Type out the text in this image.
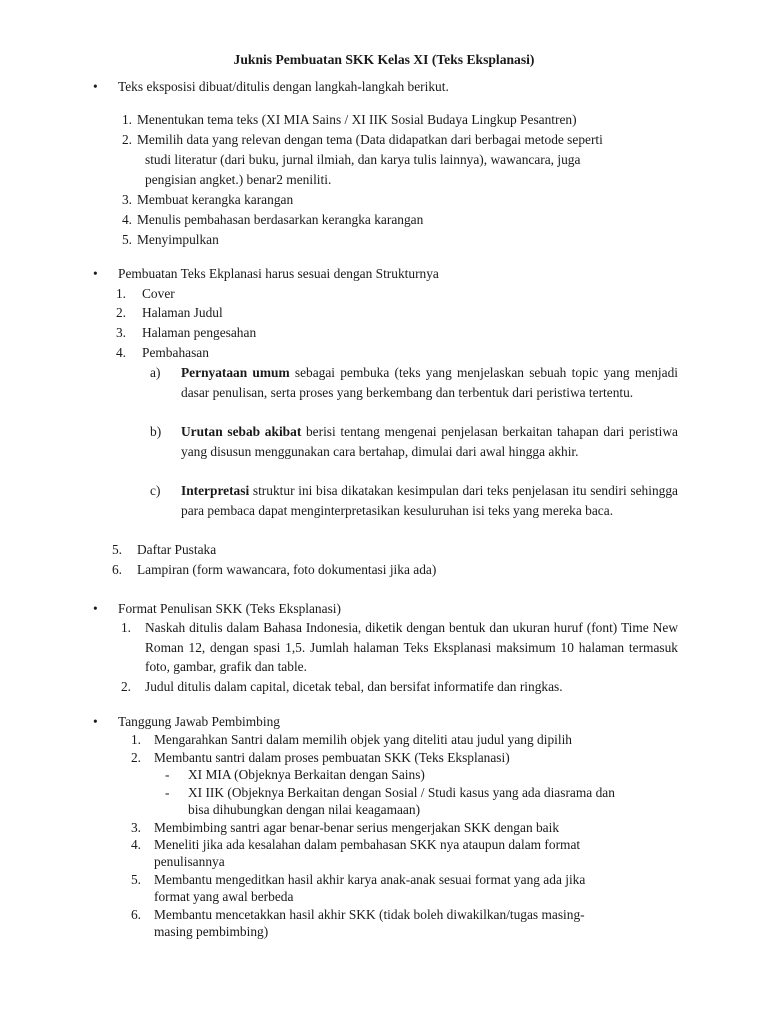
Juknis Pembuatan SKK Kelas XI (Teks Eksplanasi)
•	Teks eksposisi dibuat/ditulis dengan langkah-langkah berikut.
1. Menentukan tema teks (XI MIA Sains / XI IIK Sosial Budaya Lingkup Pesantren)
2. Memilih data yang relevan dengan tema (Data didapatkan dari berbagai metode seperti
studi literatur (dari buku, jurnal ilmiah, dan karya tulis lainnya), wawancara, juga
pengisian angket.) benar2 meniliti.
3. Membuat kerangka karangan
4. Menulis pembahasan berdasarkan kerangka karangan
5. Menyimpulkan
•	Pembuatan Teks Ekplanasi harus sesuai dengan Strukturnya
1. Cover
2. Halaman Judul
3. Halaman pengesahan
4. Pembahasan
a)	Pernyataan umum sebagai pembuka (teks yang menjelaskan sebuah topic yang menjadi dasar penulisan, serta proses yang berkembang dan terbentuk dari peristiwa tertentu.
b)	Urutan sebab akibat berisi tentang mengenai penjelasan berkaitan tahapan dari peristiwa yang disusun menggunakan cara bertahap, dimulai dari awal hingga akhir.
c)	Interpretasi struktur ini bisa dikatakan kesimpulan dari teks penjelasan itu sendiri sehingga para pembaca dapat menginterpretasikan kesuluruhan isi teks yang mereka baca.
5. Daftar Pustaka
6. Lampiran (form wawancara, foto dokumentasi jika ada)
•	Format Penulisan SKK (Teks Eksplanasi)
1. Naskah ditulis dalam Bahasa Indonesia, diketik dengan bentuk dan ukuran huruf (font) Time New Roman 12, dengan spasi 1,5. Jumlah halaman Teks Eksplanasi maksimum 10 halaman termasuk foto, gambar, grafik dan table.
2. Judul ditulis dalam capital, dicetak tebal, dan bersifat informatife dan ringkas.
•	Tanggung Jawab Pembimbing
1. Mengarahkan Santri dalam memilih objek yang diteliti atau judul yang dipilih
2. Membantu santri dalam proses pembuatan SKK (Teks Eksplanasi)
-	XI MIA (Objeknya Berkaitan dengan Sains)
-	XI IIK (Objeknya Berkaitan dengan Sosial / Studi kasus yang ada diasrama dan
bisa dihubungkan dengan nilai keagamaan)
3. Membimbing santri agar benar-benar serius mengerjakan SKK dengan baik
4. Meneliti jika ada kesalahan dalam pembahasan SKK nya ataupun dalam format
penulisannya
5. Membantu mengeditkan hasil akhir karya anak-anak sesuai format yang ada jika
format yang awal berbeda
6. Membantu mencetakkan hasil akhir SKK (tidak boleh diwakilkan/tugas masing-
masing pembimbing)
